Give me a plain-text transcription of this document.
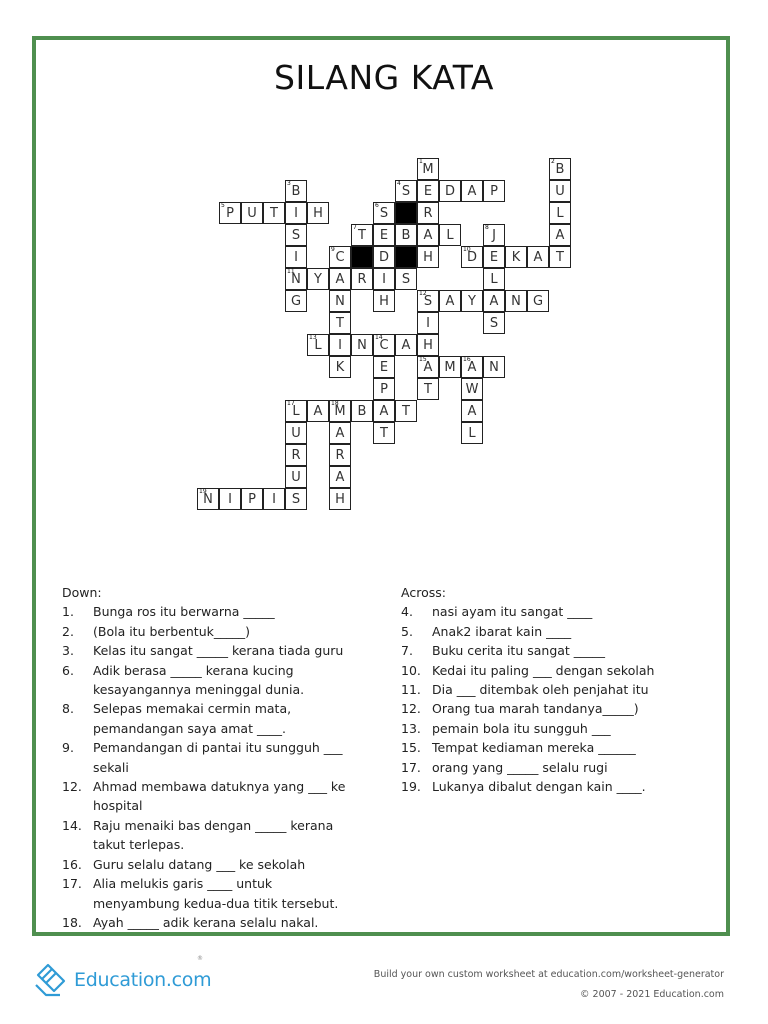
SILANG KATA
1
M
2
B
3
B
4
S	E D A	P	U
5
P	U	T	I	H
6
S	R	L
S
7
T	E	B	A	L
8
J	A
I
9
C	D	H
10
D E	K	A	T
11
N	Y	A	R	I	S	L
G	N	H
12
S	A	Y	A N G
T	I	S
13
L	I	N
14
C	A H
K	E
15
A M
16
A N
P	T	W
17
L	A
18
M B	A	T	A
U	A	T	L
R	R
U	A
19
N	I	P	I	S	H
Down:
1. Bunga ros itu berwarna _____
2. (Bola itu berbentuk_____)
3. Kelas itu sangat _____ kerana tiada guru
6. Adik berasa _____ kerana kucing kesayangannya meninggal dunia.
8. Selepas memakai cermin mata, pemandangan saya amat ____.
9. Pemandangan di pantai itu sungguh ___ sekali
12. Ahmad membawa datuknya yang ___ ke hospital
14. Raju menaiki bas dengan _____ kerana takut terlepas.
16. Guru selalu datang ___ ke sekolah
17. Alia melukis garis ____ untuk menyambung kedua-dua titik tersebut.
18. Ayah _____ adik kerana selalu nakal.
Across:
4. nasi ayam itu sangat ____
5. Anak2 ibarat kain ____
7. Buku cerita itu sangat _____
10. Kedai itu paling ___ dengan sekolah
11. Dia ___ ditembak oleh penjahat itu
12. Orang tua marah tandanya_____)
13. pemain bola itu sungguh ___
15. Tempat kediaman mereka ______
17. orang yang _____ selalu rugi
19. Lukanya dibalut dengan kain ____.
Education.com
®
Build your own custom worksheet at education.com/worksheet-generator
© 2007 - 2021 Education.com
